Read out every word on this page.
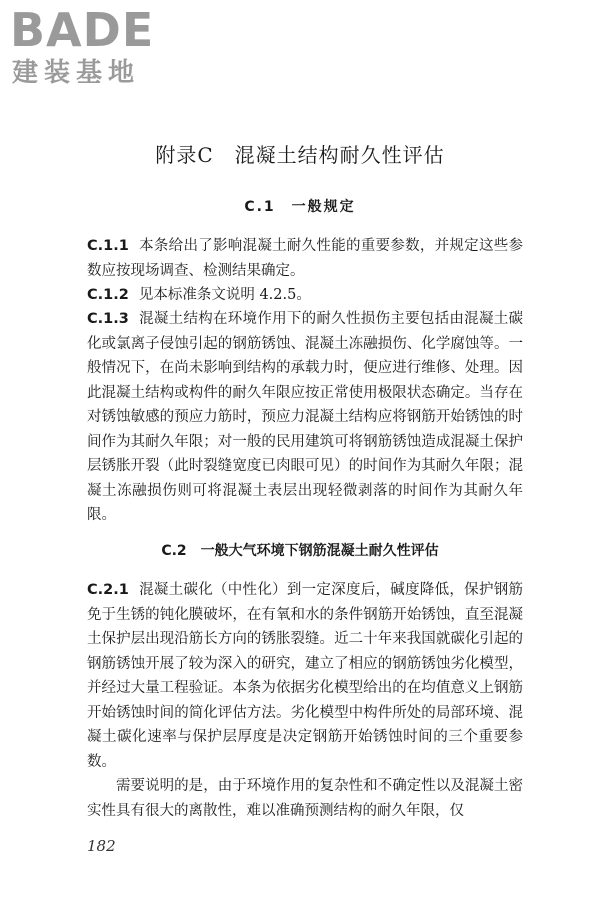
BADE
建装基地
附录C　混凝土结构耐久性评估
C.1　一般规定

C.1.1 本条给出了影响混凝土耐久性能的重要参数，并规定这些参数应按现场调查、检测结果确定。

C.1.2 见本标准条文说明 4.2.5。

C.1.3 混凝土结构在环境作用下的耐久性损伤主要包括由混凝土碳化或氯离子侵蚀引起的钢筋锈蚀、混凝土冻融损伤、化学腐蚀等。一般情况下，在尚未影响到结构的承载力时，便应进行维修、处理。因此混凝土结构或构件的耐久年限应按正常使用极限状态确定。当存在对锈蚀敏感的预应力筋时，预应力混凝土结构应将钢筋开始锈蚀的时间作为其耐久年限；对一般的民用建筑可将钢筋锈蚀造成混凝土保护层锈胀开裂（此时裂缝宽度已肉眼可见）的时间作为其耐久年限；混凝土冻融损伤则可将混凝土表层出现轻微剥落的时间作为其耐久年限。

C.2　一般大气环境下钢筋混凝土耐久性评估

C.2.1 混凝土碳化（中性化）到一定深度后，碱度降低，保护钢筋免于生锈的钝化膜破坏，在有氧和水的条件钢筋开始锈蚀，直至混凝土保护层出现沿筋长方向的锈胀裂缝。近二十年来我国就碳化引起的钢筋锈蚀开展了较为深入的研究，建立了相应的钢筋锈蚀劣化模型，并经过大量工程验证。本条为依据劣化模型给出的在均值意义上钢筋开始锈蚀时间的简化评估方法。劣化模型中构件所处的局部环境、混凝土碳化速率与保护层厚度是决定钢筋开始锈蚀时间的三个重要参数。

需要说明的是，由于环境作用的复杂性和不确定性以及混凝土密实性具有很大的离散性，难以准确预测结构的耐久年限，仅

182
